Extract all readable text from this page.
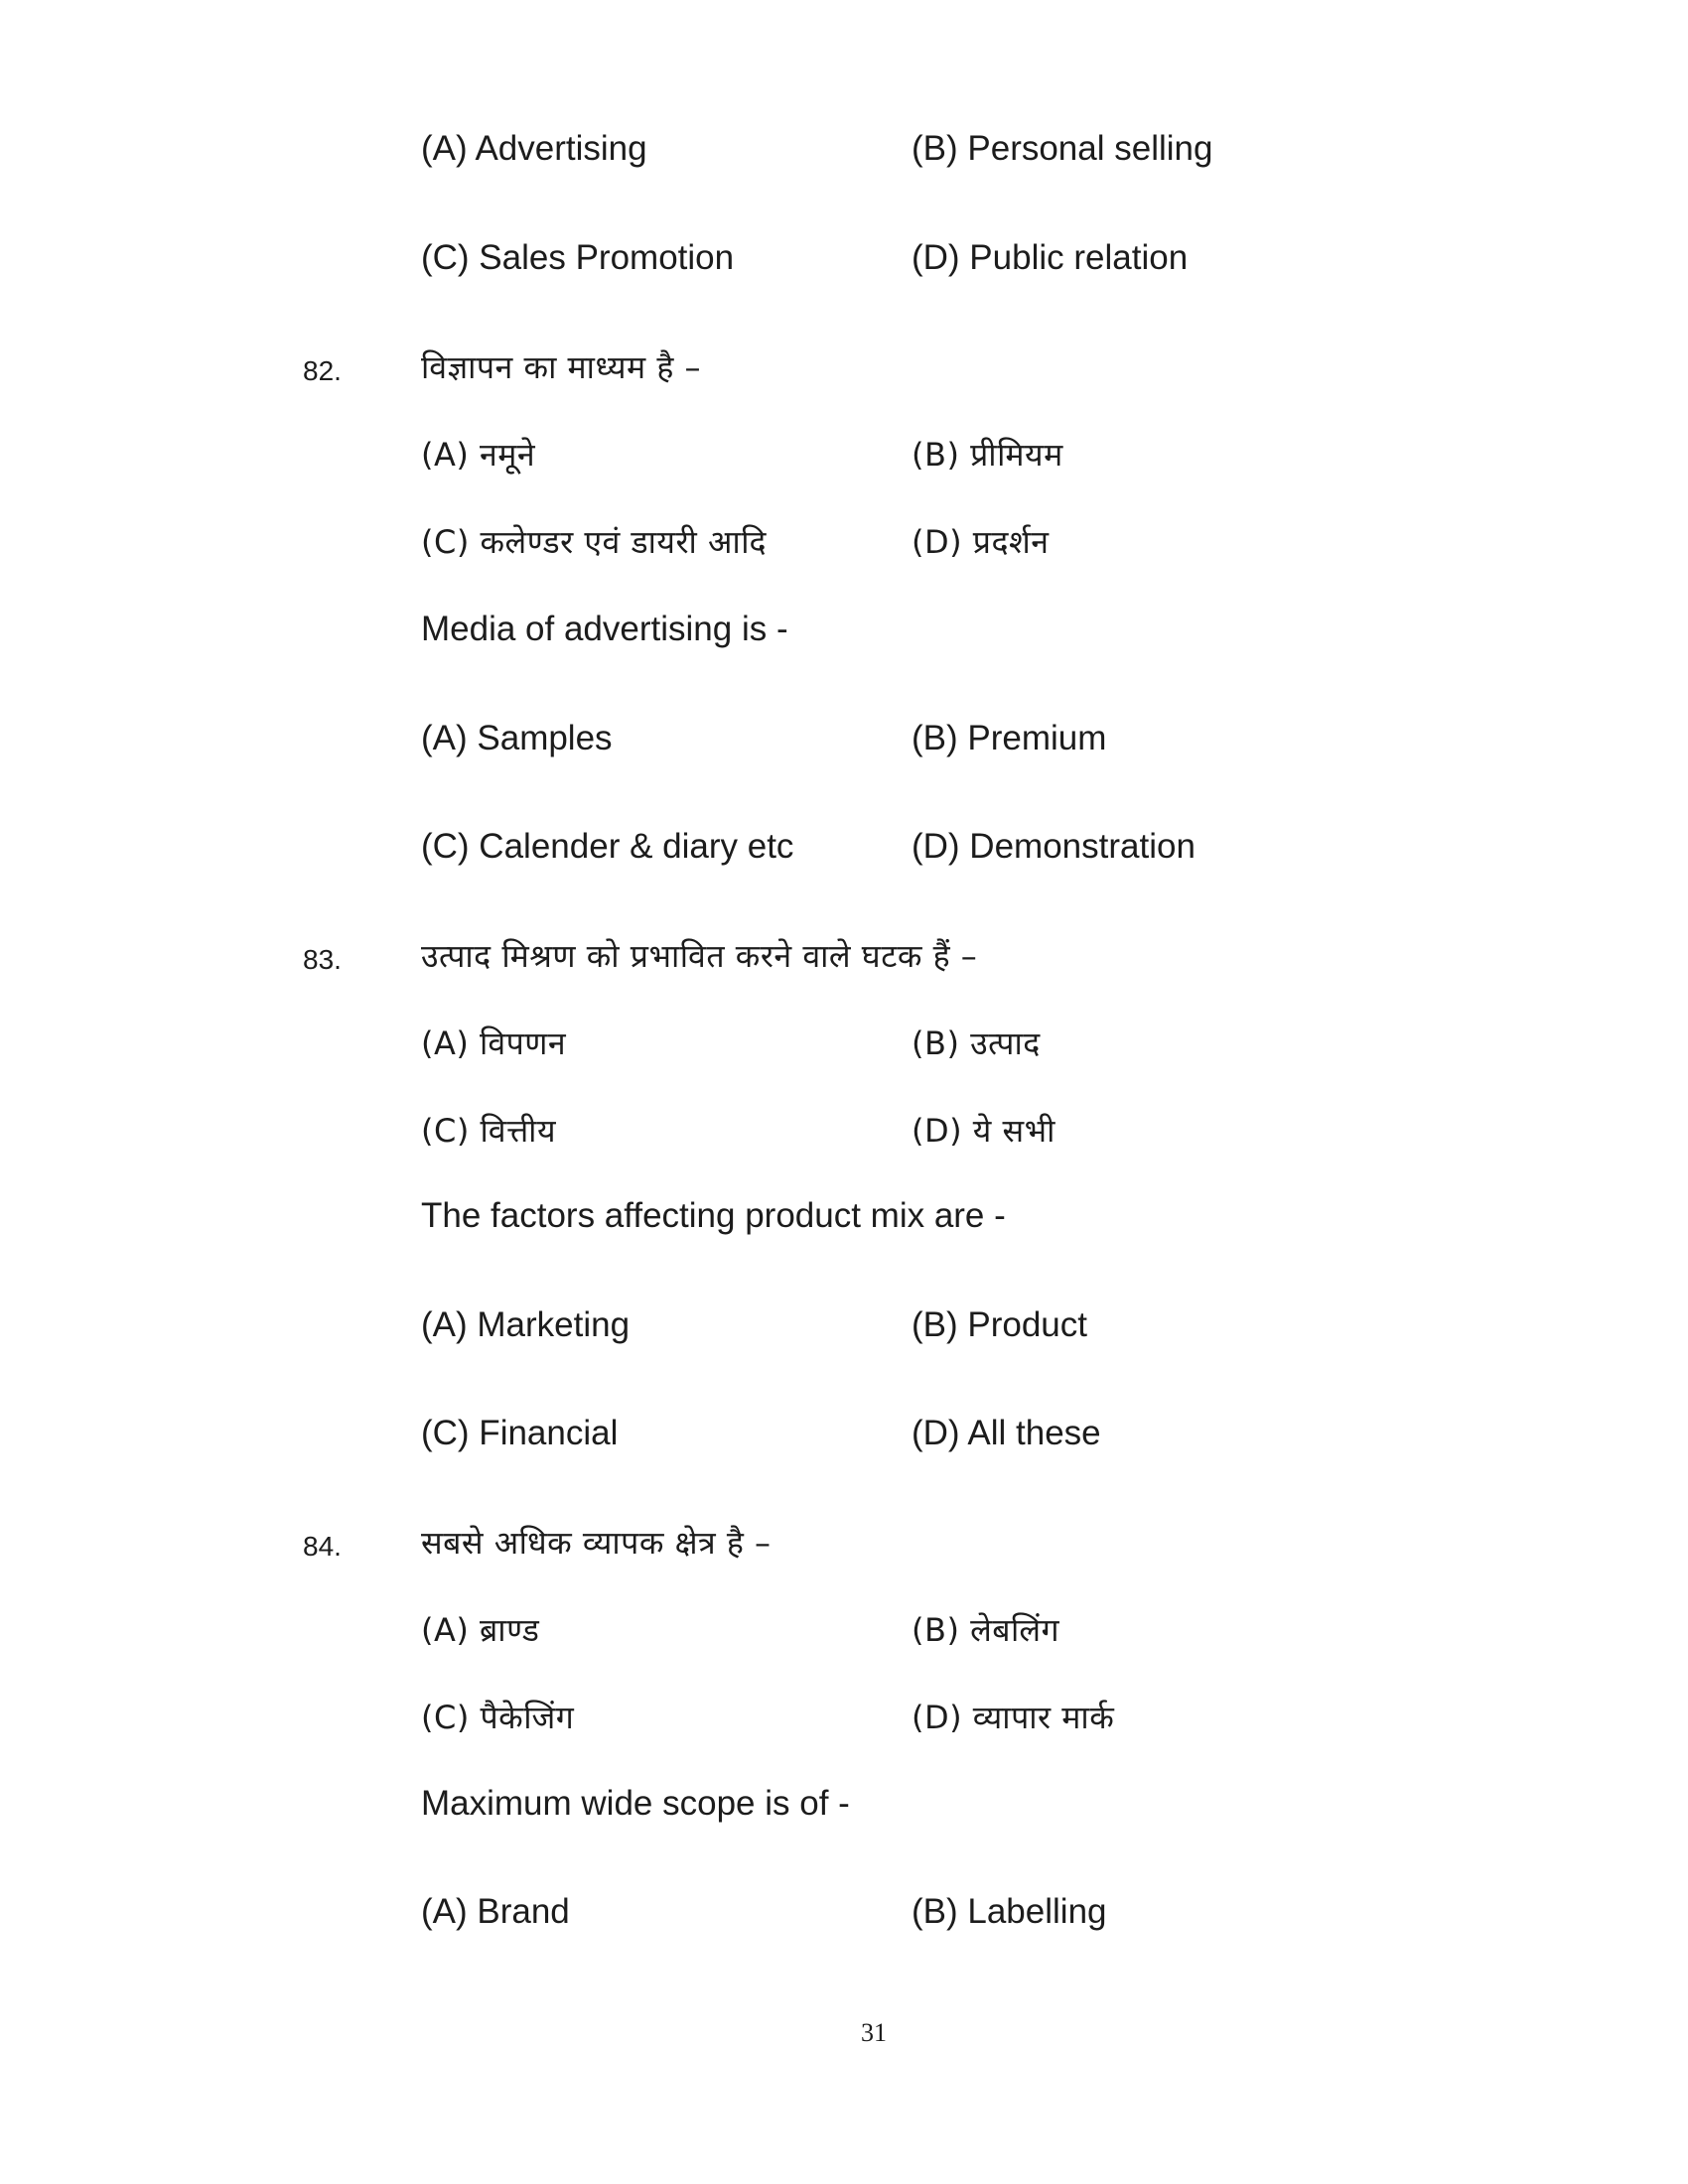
(A) Advertising	(B) Personal selling
(C) Sales Promotion	(D) Public relation
82.	विज्ञापन का माध्यम है –
(A) नमूने	(B) प्रीमियम
(C) कलेण्डर एवं डायरी आदि	(D) प्रदर्शन
Media of advertising is -
(A) Samples	(B) Premium
(C) Calender & diary etc	(D) Demonstration
83.	उत्पाद मिश्रण को प्रभावित करने वाले घटक हैं –
(A) विपणन	(B) उत्पाद
(C) वित्तीय	(D) ये सभी
The factors affecting product mix are -
(A) Marketing	(B) Product
(C) Financial	(D) All these
84.	सबसे अधिक व्यापक क्षेत्र है –
(A) ब्राण्ड	(B) लेबलिंग
(C) पैकेजिंग	(D) व्यापार मार्क
Maximum wide scope is of -
(A) Brand	(B) Labelling
31
